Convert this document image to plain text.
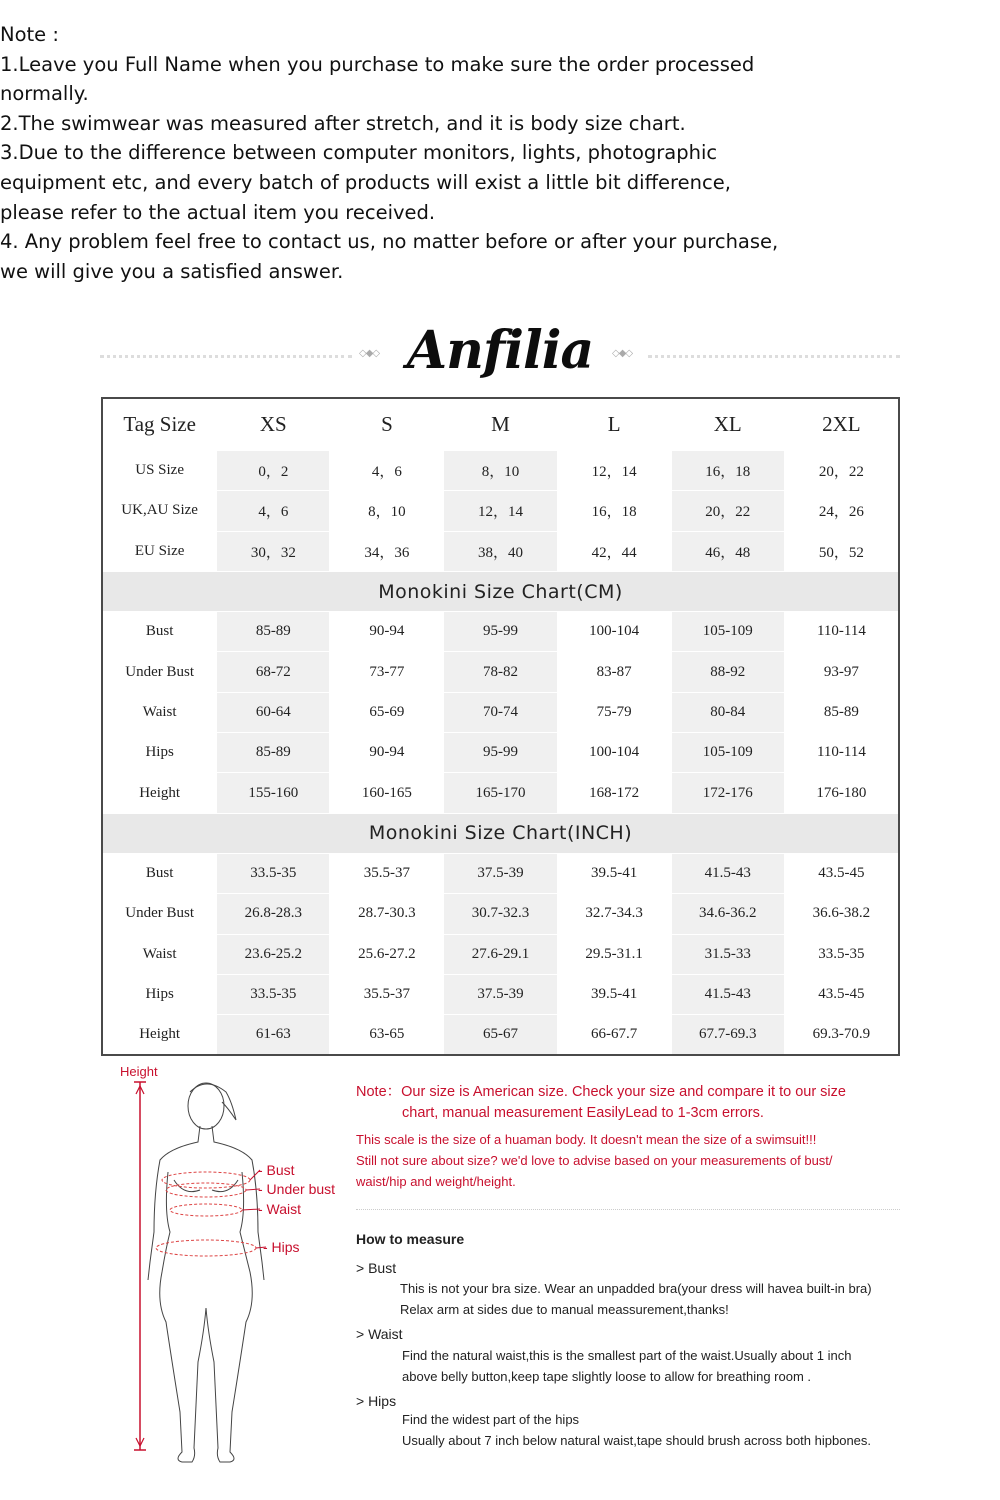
Note :

1.Leave you Full Name when you purchase to make sure the order processed normally.

2.The swimwear was measured after stretch, and it is body size chart.

3.Due to the difference between computer monitors, lights, photographic equipment etc, and every batch of products will exist a little bit difference, please refer to the actual item you received.

4. Any problem feel free to contact us, no matter before or after your purchase, we will give you a satisfied answer.

◇◆◇ Anfilia	◇◆◇
Tag Size	XS	S	M	L	XL	2XL
US Size	0，2	4，6	8，10	12，14	16，18	20，22
UK,AU Size	4，6	8，10	12，14	16，18	20，22	24，26
EU Size	30，32	34，36	38，40	42，44	46，48	50，52
Monokini Size Chart(CM)						
Bust	85-89	90-94	95-99	100-104	105-109	110-114
Under Bust	68-72	73-77	78-82	83-87	88-92	93-97
Waist	60-64	65-69	70-74	75-79	80-84	85-89
Hips	85-89	90-94	95-99	100-104	105-109	110-114
Height	155-160	160-165	165-170	168-172	172-176	176-180
Monokini Size Chart(INCH)						
Bust	33.5-35	35.5-37	37.5-39	39.5-41	41.5-43	43.5-45
Under Bust	26.8-28.3	28.7-30.3	30.7-32.3	32.7-34.3	34.6-36.2	36.6-38.2
Waist	23.6-25.2	25.6-27.2	27.6-29.1	29.5-31.1	31.5-33	33.5-35
Hips	33.5-35	35.5-37	37.5-39	39.5-41	41.5-43	43.5-45
Height	61-63	63-65	65-67	66-67.7	67.7-69.3	69.3-70.9
Height
- Bust
- Under bust
- Waist
- Hips
Note：Our size is American size. Check your size and compare it to our size
chart, manual measurement EasilyLead to 1-3cm errors.
This scale is the size of a huaman body. It doesn't mean the size of a swimsuit!!!
Still not sure about size? we'd love to advise based on your measurements of bust/
waist/hip and weight/height.
How to measure
> Bust
This is not your bra size. Wear an unpadded bra(your dress will havea built-in bra)
Relax arm at sides due to manual meassurement,thanks!
> Waist
Find the natural waist,this is the smallest part of the waist.Usually about 1 inch
above belly button,keep tape slightly loose to allow for breathing room .
> Hips
Find the widest part of the hips
Usually about 7 inch below natural waist,tape should brush across both hipbones.
